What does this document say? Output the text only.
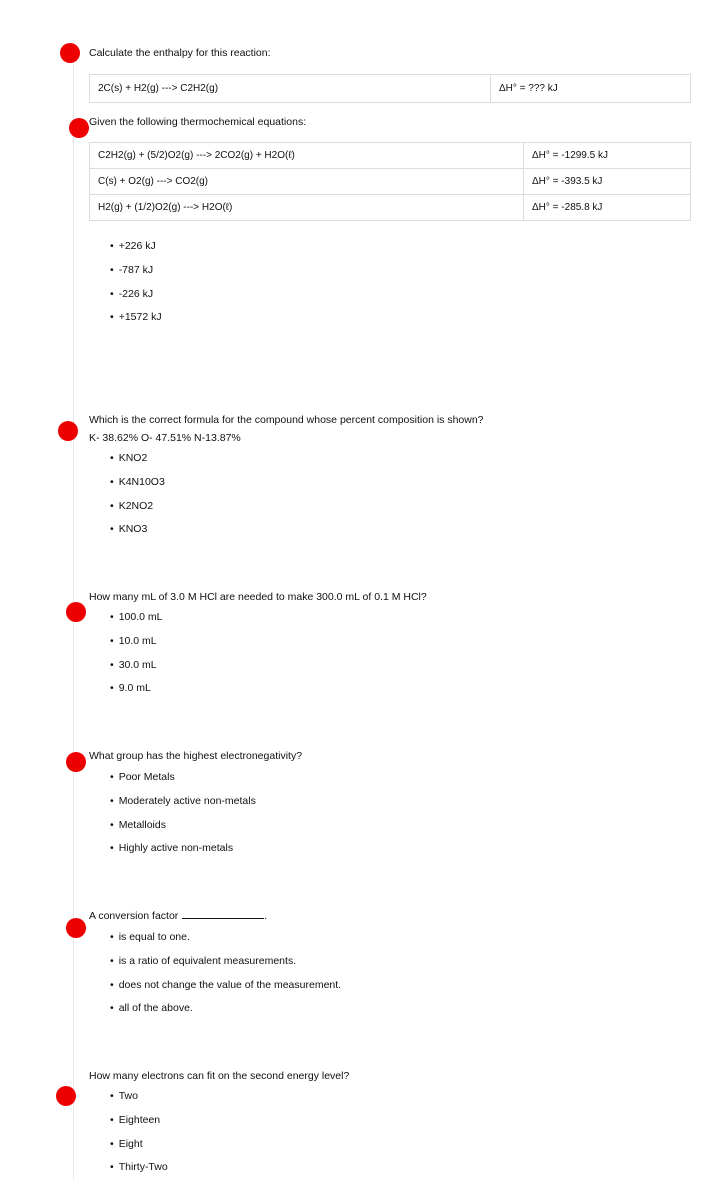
Calculate the enthalpy for this reaction:
2C(s) + H2(g) ---> C2H2(g)	ΔH° = ??? kJ
Given the following thermochemical equations:
C2H2(g) + (5/2)O2(g) ---> 2CO2(g) + H2O(ℓ)	ΔH° = -1299.5 kJ
C(s) + O2(g) ---> CO2(g)	ΔH° = -393.5 kJ
H2(g) + (1/2)O2(g) ---> H2O(ℓ)	ΔH° = -285.8 kJ
• +226 kJ
• -787 kJ
• -226 kJ
• +1572 kJ
Which is the correct formula for the compound whose percent composition is shown?
K- 38.62% O- 47.51% N-13.87%
• KNO2
• K4N10O3
• K2NO2
• KNO3
How many mL of 3.0 M HCl are needed to make 300.0 mL of 0.1 M HCl?
• 100.0 mL
• 10.0 mL
• 30.0 mL
• 9.0 mL
What group has the highest electronegativity?
• Poor Metals
• Moderately active non-metals
• Metalloids
• Highly active non-metals
A conversion factor	.
• is equal to one.
• is a ratio of equivalent measurements.
• does not change the value of the measurement.
• all of the above.
How many electrons can fit on the second energy level?
• Two
• Eighteen
• Eight
• Thirty-Two
